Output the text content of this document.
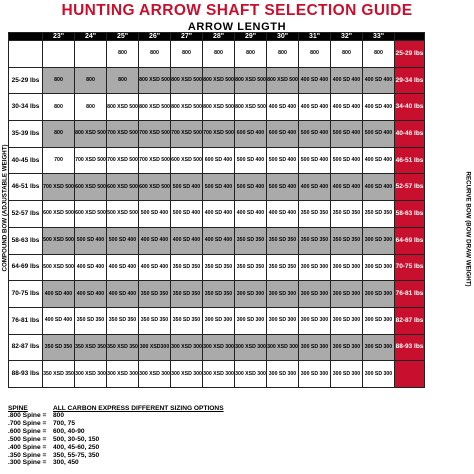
HUNTING ARROW SHAFT SELECTION GUIDE
ARROW LENGTH
COMPOUND BOW (ADJUSTABLE WEIGHT)	RECURVE BOW (BOW DRAW WEIGHT)
	23"	24"	25"	26"	27"	28"	29"	30"	31"	32"	33"	
			800	800	800	800	800	800	800	800	800	25-29 lbs
25-29 lbs	800	800	800	800 XSD 500	800 XSD 500	800 XSD 500	800 XSD 500	800 XSD 500	400 SD 400	400 SD 400	400 SD 400	29-34 lbs
30-34 lbs	800	800	800 XSD 500	800 XSD 500	800 XSD 500	800 XSD 500	800 XSD 500	400 SD 400	400 SD 400	400 SD 400	400 SD 400	34-40 lbs
35-39 lbs	800	800 XSD 500	700 XSD 500	700 XSD 500	700 XSD 500	700 XSD 500	600 SD 400	600 SD 400	500 SD 400	500 SD 400	500 SD 400	40-46 lbs
40-45 lbs	700	700 XSD 500	700 XSD 500	700 XSD 500	600 XSD 500	600 SD 400	500 SD 400	500 SD 400	500 SD 400	500 SD 400	400 SD 400	46-51 lbs
46-51 lbs	700 XSD 500	600 XSD 500	600 XSD 500	600 XSD 500	500 SD 400	500 SD 400	500 SD 400	500 SD 400	400 SD 400	400 SD 400	400 SD 400	52-57 lbs
52-57 lbs	600 XSD 500	600 XSD 500	500 XSD 500	500 SD 400	500 SD 400	400 SD 400	400 SD 400	400 SD 400	350 SD 350	350 SD 350	350 SD 350	58-63 lbs
58-63 lbs	500 XSD 500	500 SD 400	500 SD 400	400 SD 400	400 SD 400	400 SD 400	350 SD 350	350 SD 350	350 SD 350	350 SD 350	300 SD 300	64-69 lbs
64-69 lbs	500 XSD 500	400 SD 400	400 SD 400	400 SD 400	350 SD 350	350 SD 350	350 SD 350	350 SD 350	300 SD 300	300 SD 300	300 SD 300	70-75 lbs
70-75 lbs	400 SD 400	400 SD 400	400 SD 400	350 SD 350	350 SD 350	350 SD 350	300 SD 300	300 SD 300	300 SD 300	300 SD 300	300 SD 300	76-81 lbs
76-81 lbs	400 SD 400	350 SD 350	350 SD 350	350 SD 350	350 SD 350	300 SD 300	300 SD 300	300 SD 300	300 SD 300	300 SD 300	300 SD 300	82-87 lbs
82-87 lbs	350 SD 350	350 XSD 350	350 XSD 350	300 XSD300	300 XSD 300	300 XSD 300	300 XSD 300	300 XSD 300	300 SD 300	300 SD 300	300 SD 300	88-93 lbs
88-93 lbs	350 XSD 350	300 XSD 300	300 XSD 300	300 XSD 300	300 XSD 300	300 XSD 300	300 XSD 300	300 SD 300	300 SD 300	300 SD 300	300 SD 300	
SPINE	ALL CARBON EXPRESS DIFFERENT SIZING OPTIONS
.800 Spine =	800
.700 Spine =	700, 75
.600 Spine =	600, 40-90
.500 Spine =	500, 30-50, 150
.400 Spine =	400, 45-60, 250
.350 Spine =	350, 55-75, 350
.300 Spine =	300, 450
